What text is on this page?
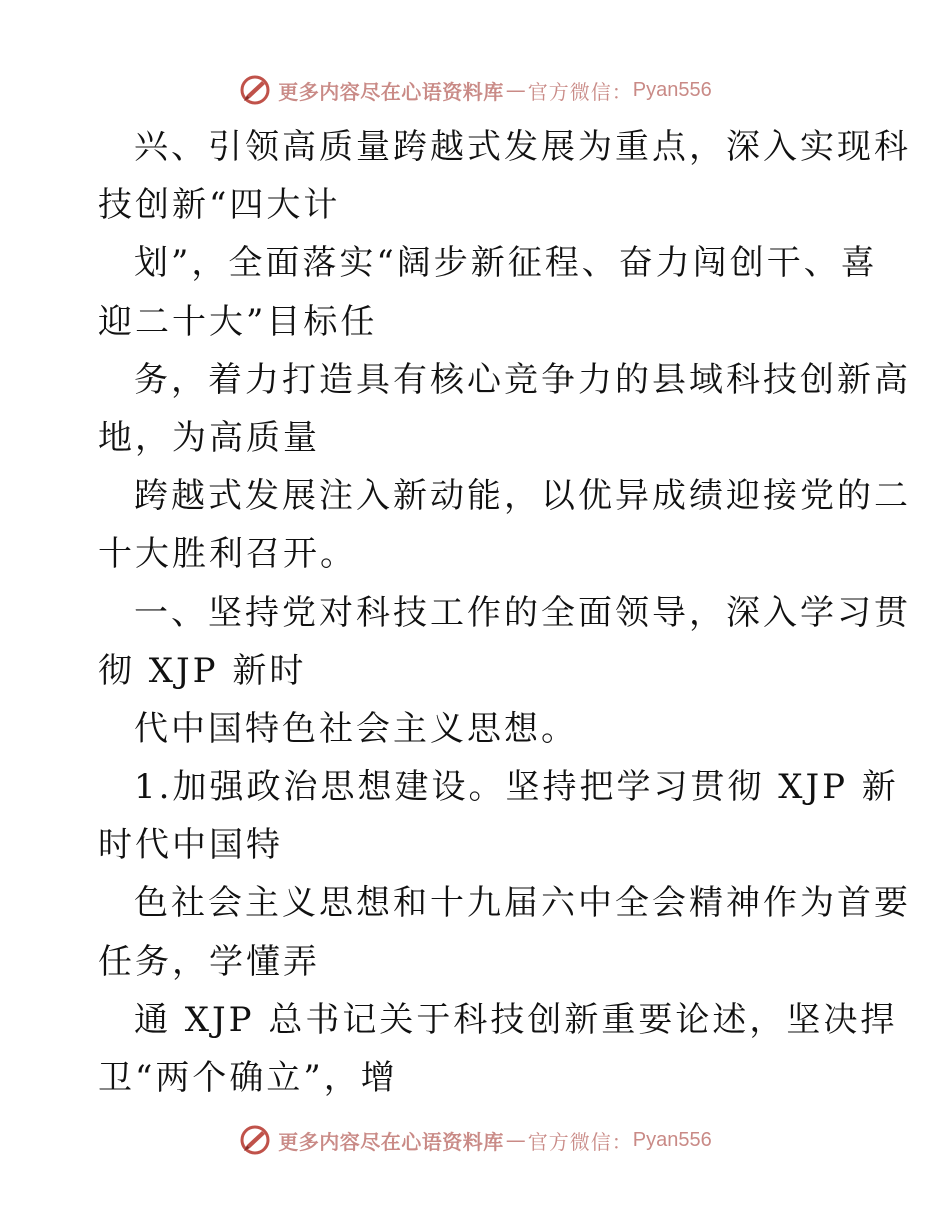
更多内容尽在心语资料库 — 官方微信： Pyan556
兴、引领高质量跨越式发展为重点，深入实现科
技创新“四大计
划”，全面落实“阔步新征程、奋力闯创干、喜
迎二十大”目标任
务，着力打造具有核心竞争力的县域科技创新高
地，为高质量
跨越式发展注入新动能，以优异成绩迎接党的二
十大胜利召开。
一、坚持党对科技工作的全面领导，深入学习贯
彻 XJP 新时
代中国特色社会主义思想。
1.加强政治思想建设。坚持把学习贯彻 XJP 新
时代中国特
色社会主义思想和十九届六中全会精神作为首要
任务，学懂弄
通 XJP 总书记关于科技创新重要论述，坚决捍
卫“两个确立”，增
更多内容尽在心语资料库 — 官方微信： Pyan556
